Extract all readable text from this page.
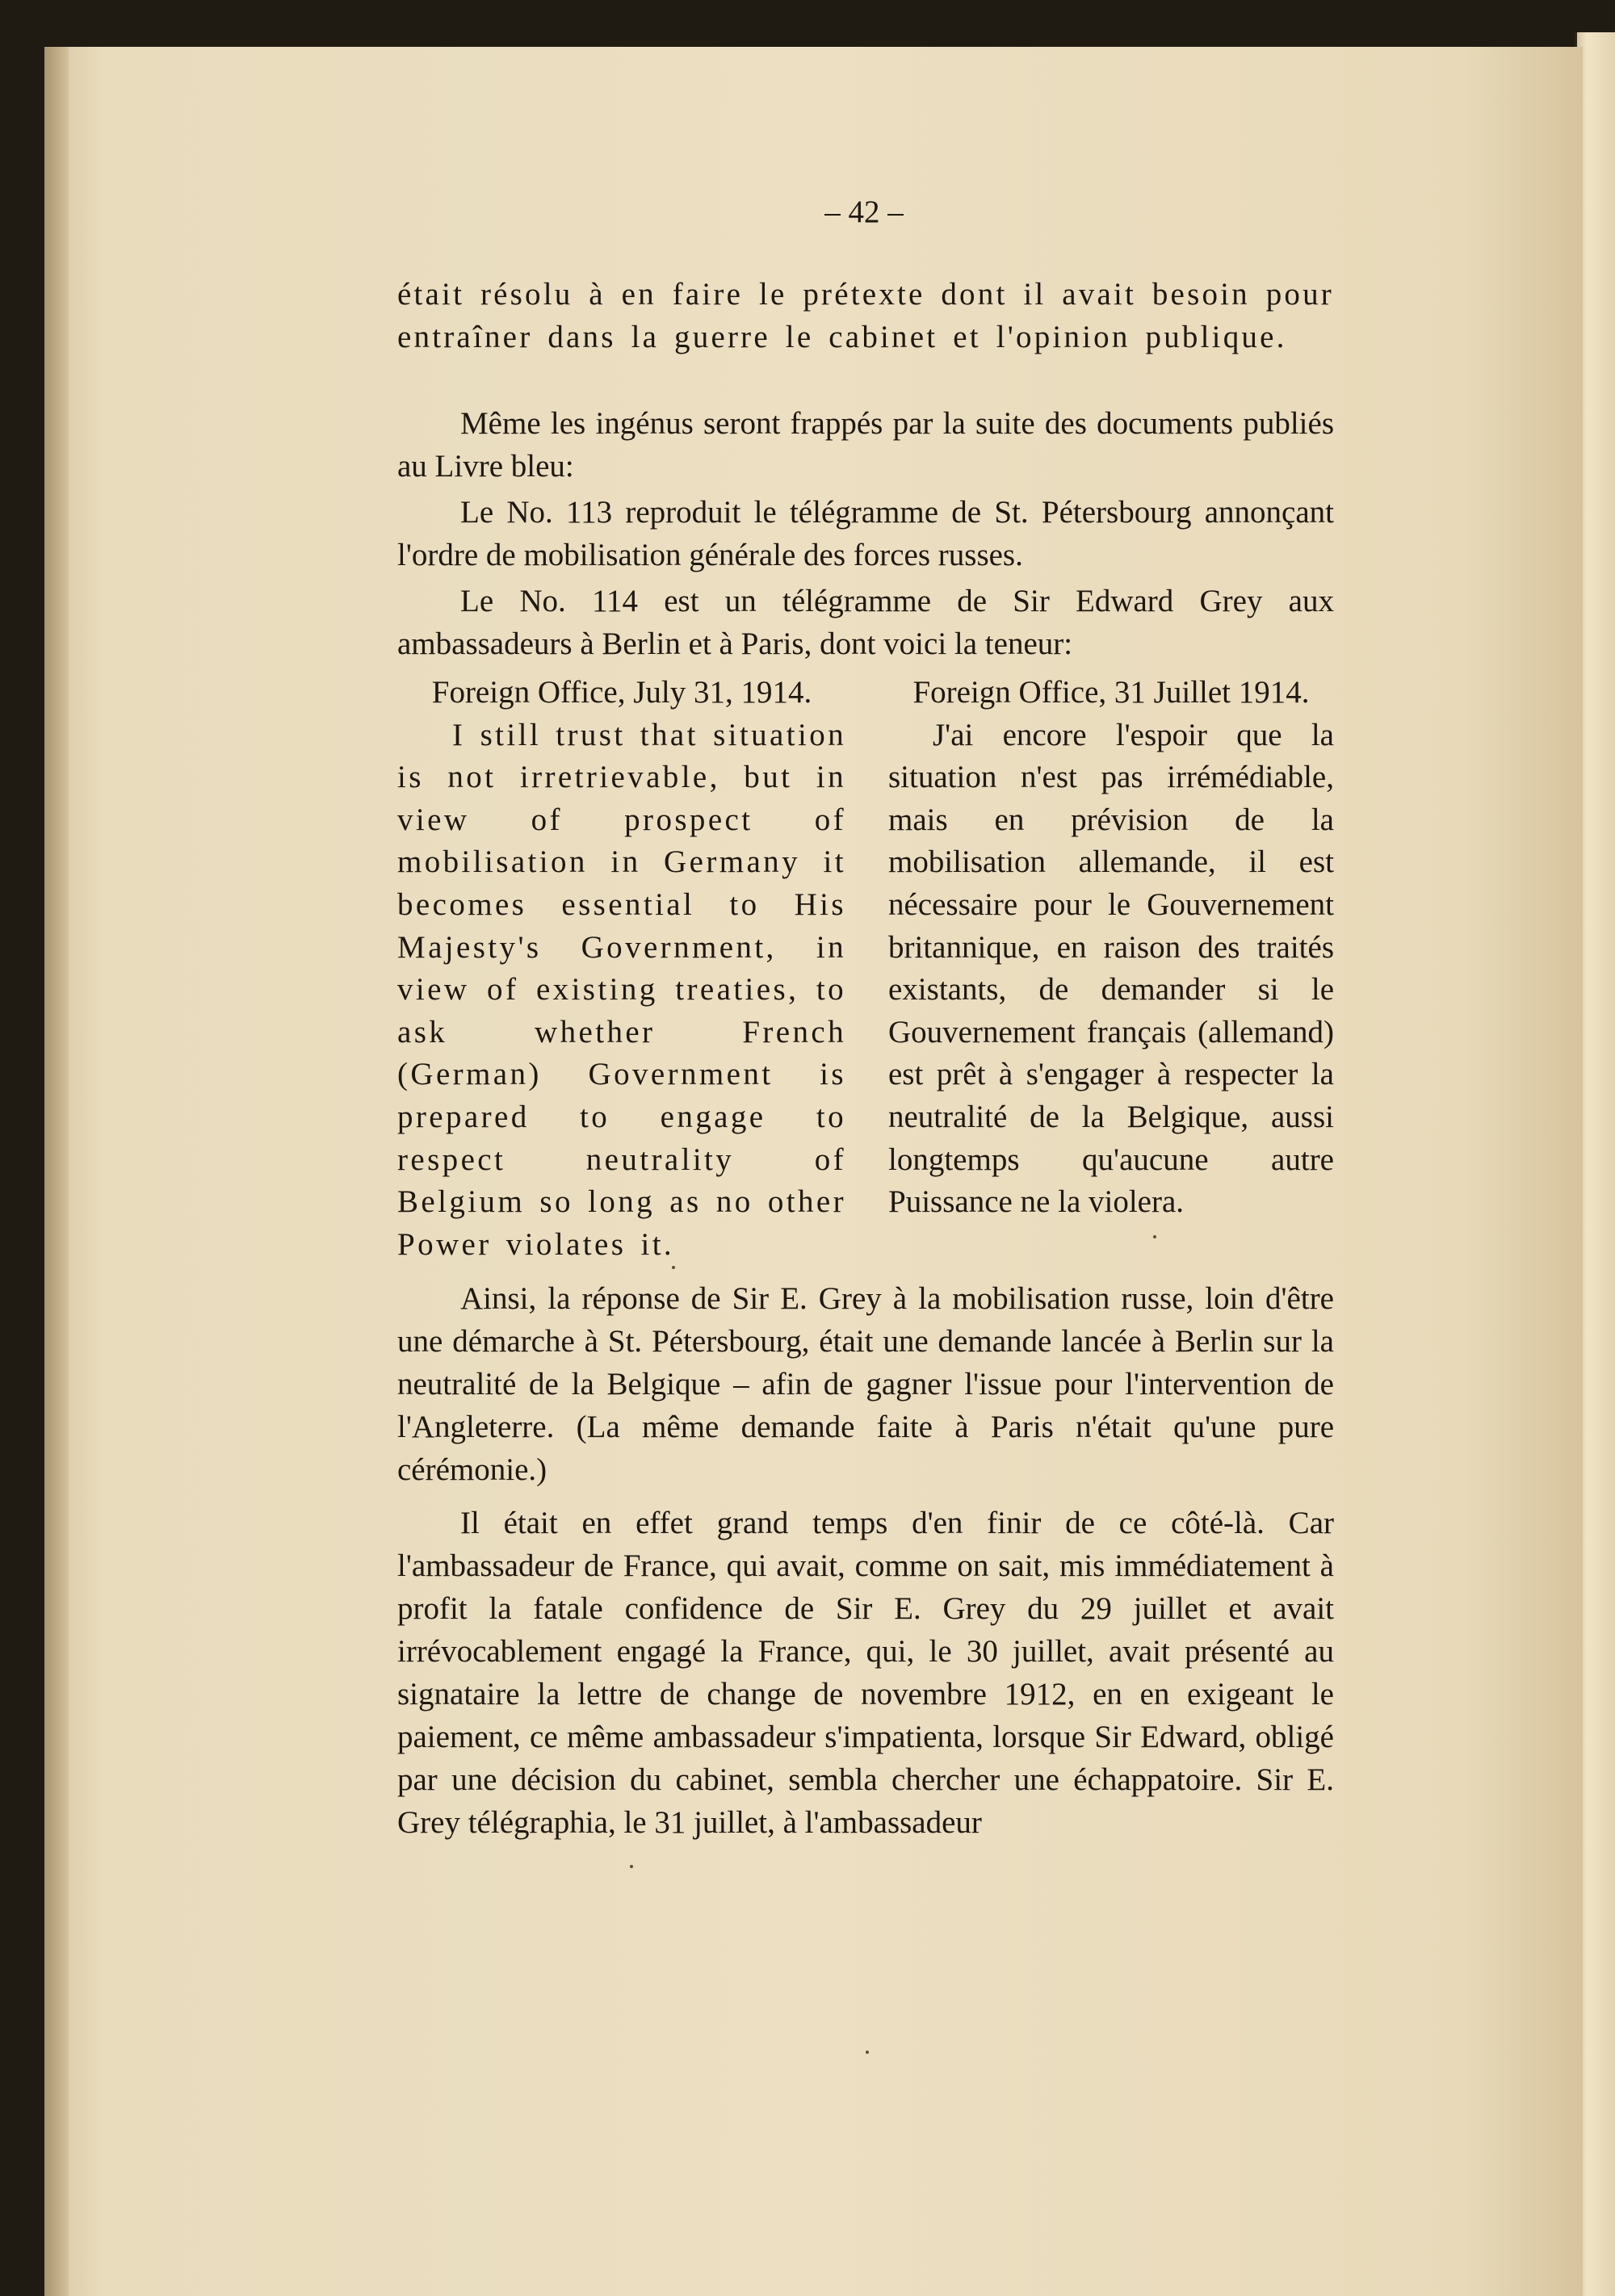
– 42 –

était résolu à en faire le prétexte dont il avait besoin pour entraîner dans la guerre le cabinet et l'opinion publique.

Même les ingénus seront frappés par la suite des documents publiés au Livre bleu:

Le No. 113 reproduit le télégramme de St. Pétersbourg annonçant l'ordre de mobilisation générale des forces russes.

Le No. 114 est un télégramme de Sir Edward Grey aux ambassadeurs à Berlin et à Paris, dont voici la teneur:

Foreign Office, July 31, 1914.

I still trust that situation is not irretrievable, but in view of prospect of mobilisation in Germany it becomes essential to His Majesty's Government, in view of existing treaties, to ask whether French (German) Government is prepared to engage to respect neutrality of Belgium so long as no other Power violates it.

Foreign Office, 31 Juillet 1914.

J'ai encore l'espoir que la situation n'est pas irrémédiable, mais en prévision de la mobilisation allemande, il est nécessaire pour le Gouvernement britannique, en raison des traités existants, de demander si le Gouvernement français (allemand) est prêt à s'engager à respecter la neutralité de la Belgique, aussi longtemps qu'aucune autre Puissance ne la violera.

Ainsi, la réponse de Sir E. Grey à la mobilisation russe, loin d'être une démarche à St. Pétersbourg, était une demande lancée à Berlin sur la neutralité de la Belgique – afin de gagner l'issue pour l'intervention de l'Angleterre. (La même demande faite à Paris n'était qu'une pure cérémonie.)

Il était en effet grand temps d'en finir de ce côté-là. Car l'ambassadeur de France, qui avait, comme on sait, mis immédiatement à profit la fatale confidence de Sir E. Grey du 29 juillet et avait irrévocablement engagé la France, qui, le 30 juillet, avait présenté au signataire la lettre de change de novembre 1912, en en exigeant le paiement, ce même ambassadeur s'impatienta, lorsque Sir Edward, obligé par une décision du cabinet, sembla chercher une échappatoire. Sir E. Grey télégraphia, le 31 juillet, à l'ambassadeur
